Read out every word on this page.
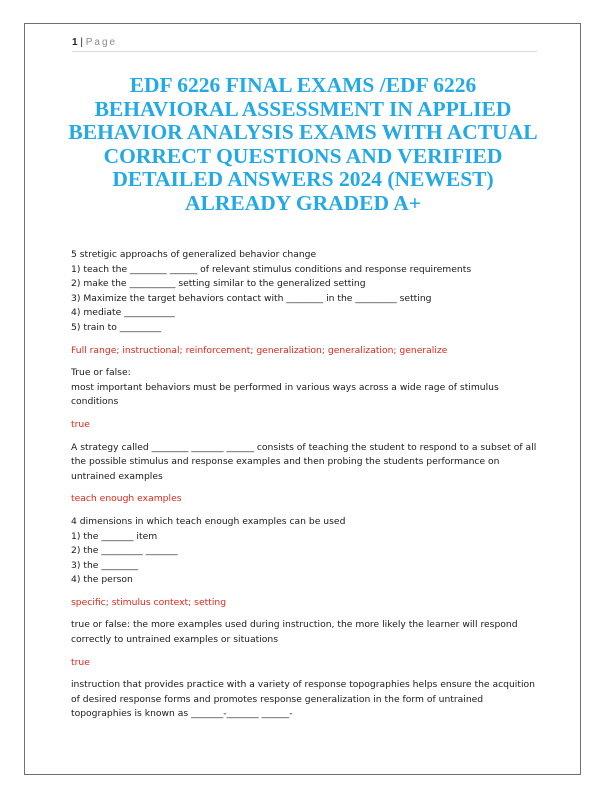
1 | Page
EDF 6226 FINAL EXAMS /EDF 6226 BEHAVIORAL ASSESSMENT IN APPLIED BEHAVIOR ANALYSIS EXAMS WITH ACTUAL CORRECT QUESTIONS AND VERIFIED DETAILED ANSWERS 2024 (NEWEST) ALREADY GRADED A+

5 stretigic approachs of generalized behavior change
1) teach the ________ ______ of relevant stimulus conditions and response requirements
2) make the __________ setting similar to the generalized setting
3) Maximize the target behaviors contact with ________ in the _________ setting
4) mediate ___________
5) train to _________

Full range; instructional; reinforcement; generalization; generalization; generalize

True or false:
most important behaviors must be performed in various ways across a wide rage of stimulus conditions

true

A strategy called ________ _______ ______ consists of teaching the student to respond to a subset of all the possible stimulus and response examples and then probing the students performance on untrained examples

teach enough examples

4 dimensions in which teach enough examples can be used
1) the _______ item
2) the _________ _______
3) the ________
4) the person

specific; stimulus context; setting

true or false: the more examples used during instruction, the more likely the learner will respond correctly to untrained examples or situations

true

instruction that provides practice with a variety of response topographies helps ensure the acquition of desired response forms and promotes response generalization in the form of untrained topographies is known as _______-_______ ______-
